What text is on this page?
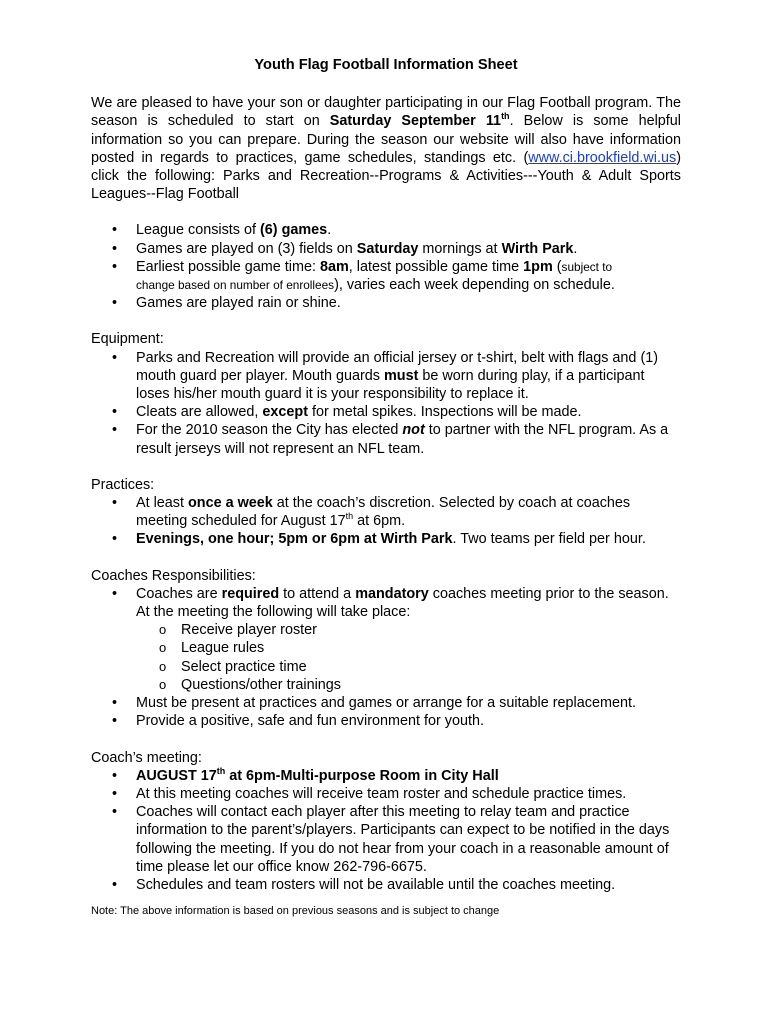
Youth Flag Football Information Sheet

We are pleased to have your son or daughter participating in our Flag Football program. The season is scheduled to start on Saturday September 11th. Below is some helpful information so you can prepare. During the season our website will also have information posted in regards to practices, game schedules, standings etc. (www.ci.brookfield.wi.us) click the following: Parks and Recreation--Programs & Activities---Youth & Adult Sports Leagues--Flag Football

• League consists of (6) games.
• Games are played on (3) fields on Saturday mornings at Wirth Park.
• Earliest possible game time: 8am, latest possible game time 1pm (subject to
change based on number of enrollees), varies each week depending on schedule.
• Games are played rain or shine.

Equipment:

• Parks and Recreation will provide an official jersey or t-shirt, belt with flags and (1) mouth guard per player. Mouth guards must be worn during play, if a participant loses his/her mouth guard it is your responsibility to replace it.
• Cleats are allowed, except for metal spikes. Inspections will be made.
• For the 2010 season the City has elected not to partner with the NFL program. As a result jerseys will not represent an NFL team.

Practices:

• At least once a week at the coach’s discretion. Selected by coach at coaches meeting scheduled for August 17th at 6pm.
• Evenings, one hour; 5pm or 6pm at Wirth Park. Two teams per field per hour.

Coaches Responsibilities:

• Coaches are required to attend a mandatory coaches meeting prior to the season. At the meeting the following will take place:
o Receive player roster
o League rules
o Select practice time
o Questions/other trainings
• Must be present at practices and games or arrange for a suitable replacement.
• Provide a positive, safe and fun environment for youth.

Coach’s meeting:

• AUGUST 17th at 6pm-Multi-purpose Room in City Hall
• At this meeting coaches will receive team roster and schedule practice times.
• Coaches will contact each player after this meeting to relay team and practice information to the parent’s/players. Participants can expect to be notified in the days following the meeting. If you do not hear from your coach in a reasonable amount of time please let our office know 262-796-6675.
• Schedules and team rosters will not be available until the coaches meeting.
Note: The above information is based on previous seasons and is subject to change
